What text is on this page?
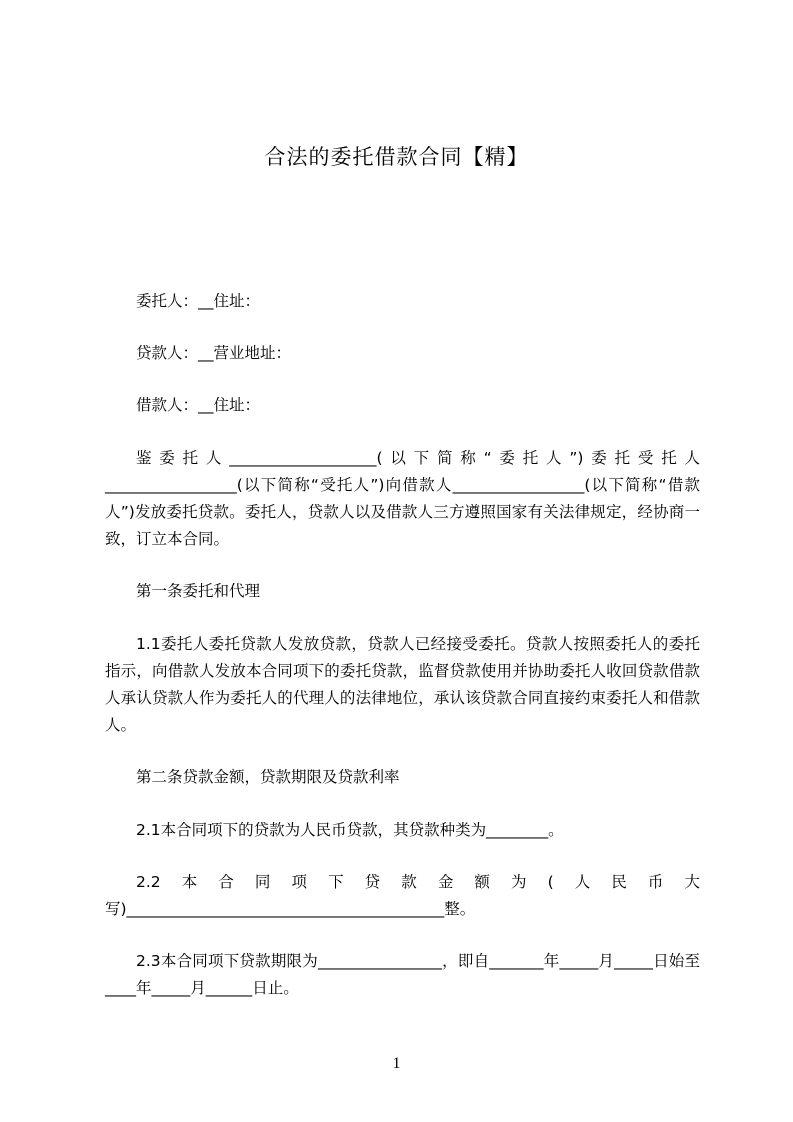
合法的委托借款合同【精】

委托人：__住址：

贷款人：__营业地址：

借款人：__住址：

鉴委托人___________________(以下简称“委托人”)委托受托人_________________(以下简称“受托人”)向借款人_________________(以下简称“借款人”)发放委托贷款。委托人，贷款人以及借款人三方遵照国家有关法律规定，经协商一致，订立本合同。

第一条委托和代理

1.1委托人委托贷款人发放贷款，贷款人已经接受委托。贷款人按照委托人的委托指示，向借款人发放本合同项下的委托贷款，监督贷款使用并协助委托人收回贷款借款人承认贷款人作为委托人的代理人的法律地位，承认该贷款合同直接约束委托人和借款人。

第二条贷款金额，贷款期限及贷款利率

2.1本合同项下的贷款为人民币贷款，其贷款种类为________。

2.2本合同项下贷款金额为(人民币大写)_________________________________________整。

2.3本合同项下贷款期限为________________，即自_______年_____月_____日始至____年_____月______日止。

1
